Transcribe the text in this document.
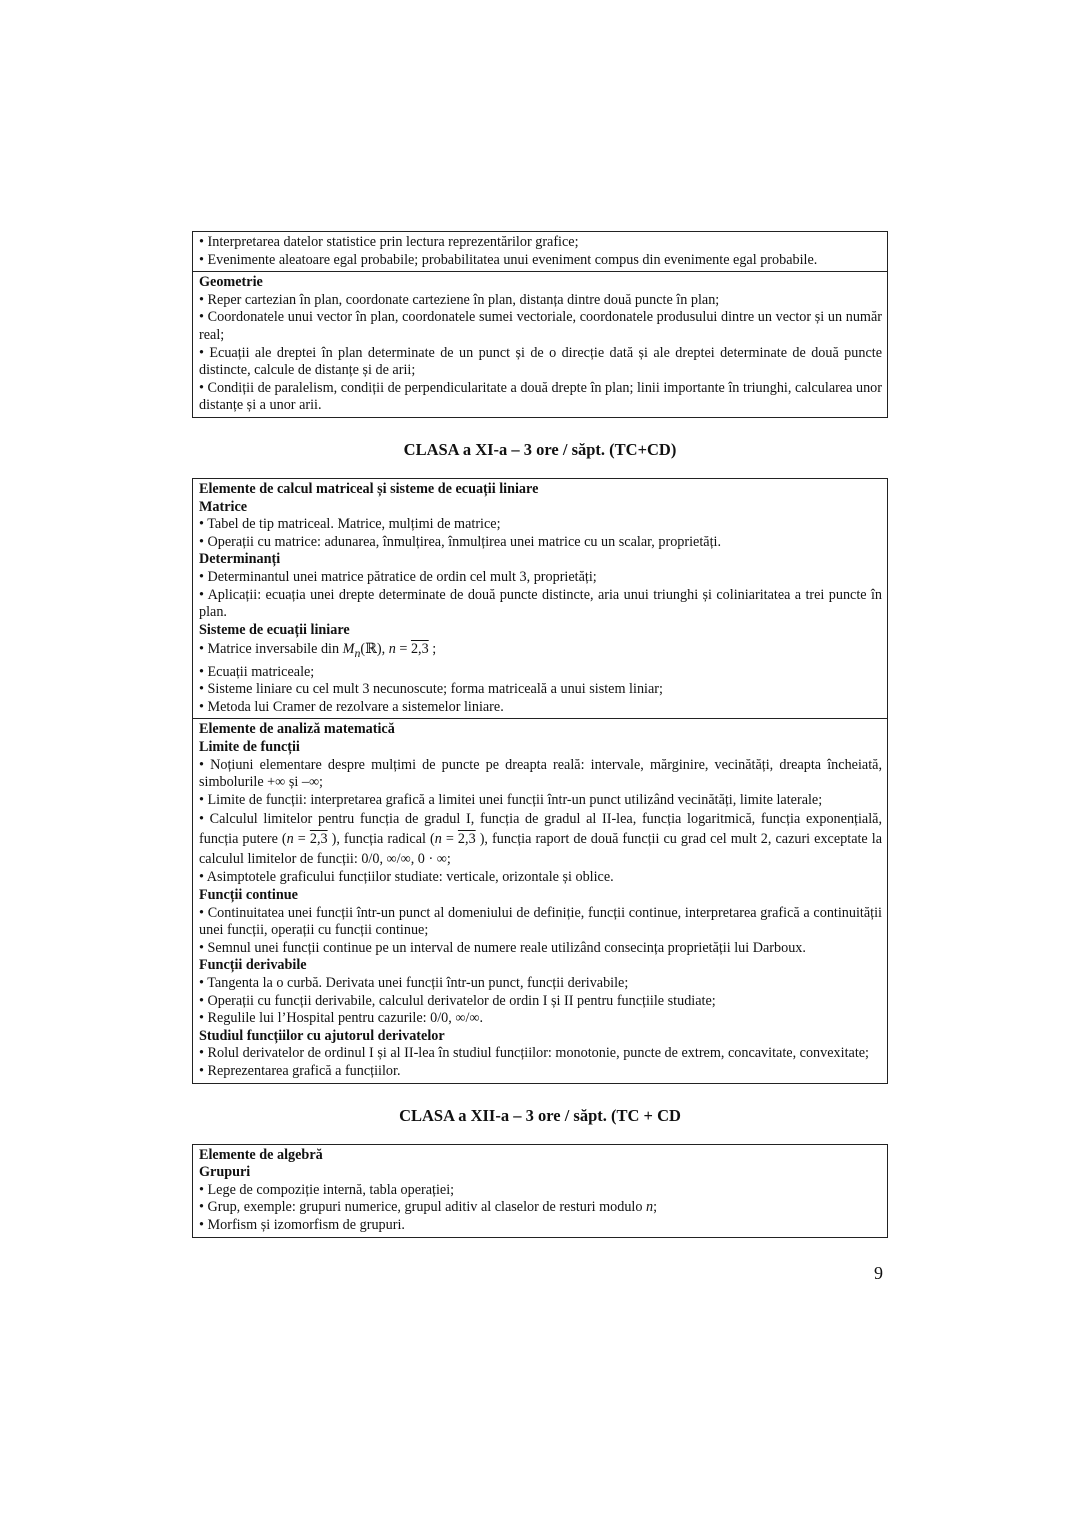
• Interpretarea datelor statistice prin lectura reprezentărilor grafice;
• Evenimente aleatoare egal probabile; probabilitatea unui eveniment compus din evenimente egal probabile.
Geometrie
• Reper cartezian în plan, coordonate carteziene în plan, distanța dintre două puncte în plan;
• Coordonatele unui vector în plan, coordonatele sumei vectoriale, coordonatele produsului dintre un vector și un număr real;
• Ecuații ale dreptei în plan determinate de un punct și de o direcție dată și ale dreptei determinate de două puncte distincte, calcule de distanțe și de arii;
• Condiții de paralelism, condiții de perpendicularitate a două drepte în plan; linii importante în triunghi, calcularea unor distanțe și a unor arii.
CLASA a XI-a – 3 ore / săpt. (TC+CD)
Elemente de calcul matriceal și sisteme de ecuații liniare
Matrice
• Tabel de tip matriceal. Matrice, mulțimi de matrice;
• Operații cu matrice: adunarea, înmulțirea, înmulțirea unei matrice cu un scalar, proprietăți.
Determinanți
• Determinantul unei matrice pătratice de ordin cel mult 3, proprietăți;
• Aplicații: ecuația unei drepte determinate de două puncte distincte, aria unui triunghi și coliniaritatea a trei puncte în plan.
Sisteme de ecuații liniare
• Matrice inversabile din $M_n(ℝ)$, n = 2,3 ;
• Ecuații matriceale;
• Sisteme liniare cu cel mult 3 necunoscute; forma matriceală a unui sistem liniar;
• Metoda lui Cramer de rezolvare a sistemelor liniare.
Elemente de analiză matematică
Limite de funcții
• Noțiuni elementare despre mulțimi de puncte pe dreapta reală: intervale, mărginire, vecinătăți, dreapta încheiată, simbolurile +∞ și –∞;
• Limite de funcții: interpretarea grafică a limitei unei funcții într-un punct utilizând vecinătăți, limite laterale;
• Calculul limitelor pentru funcția de gradul I, funcția de gradul al II-lea, funcția logaritmică, funcția exponențială, funcția putere (n = 2,3 ), funcția radical (n = 2,3 ), funcția raport de două funcții cu grad cel mult 2, cazuri exceptate la calculul limitelor de funcții: 0/0, ∞/∞, 0 · ∞;
• Asimptotele graficului funcțiilor studiate: verticale, orizontale și oblice.
Funcții continue
• Continuitatea unei funcții într-un punct al domeniului de definiție, funcții continue, interpretarea grafică a continuității unei funcții, operații cu funcții continue;
• Semnul unei funcții continue pe un interval de numere reale utilizând consecința proprietății lui Darboux.
Funcții derivabile
• Tangenta la o curbă. Derivata unei funcții într-un punct, funcții derivabile;
• Operații cu funcții derivabile, calculul derivatelor de ordin I și II pentru funcțiile studiate;
• Regulile lui l’Hospital pentru cazurile: 0/0, ∞/∞.
Studiul funcțiilor cu ajutorul derivatelor
• Rolul derivatelor de ordinul I și al II-lea în studiul funcțiilor: monotonie, puncte de extrem, concavitate, convexitate;
• Reprezentarea grafică a funcțiilor.
CLASA a XII-a – 3 ore / săpt. (TC + CD
Elemente de algebră
Grupuri
• Lege de compoziție internă, tabla operației;
• Grup, exemple: grupuri numerice, grupul aditiv al claselor de resturi modulo n;
• Morfism și izomorfism de grupuri.
9
